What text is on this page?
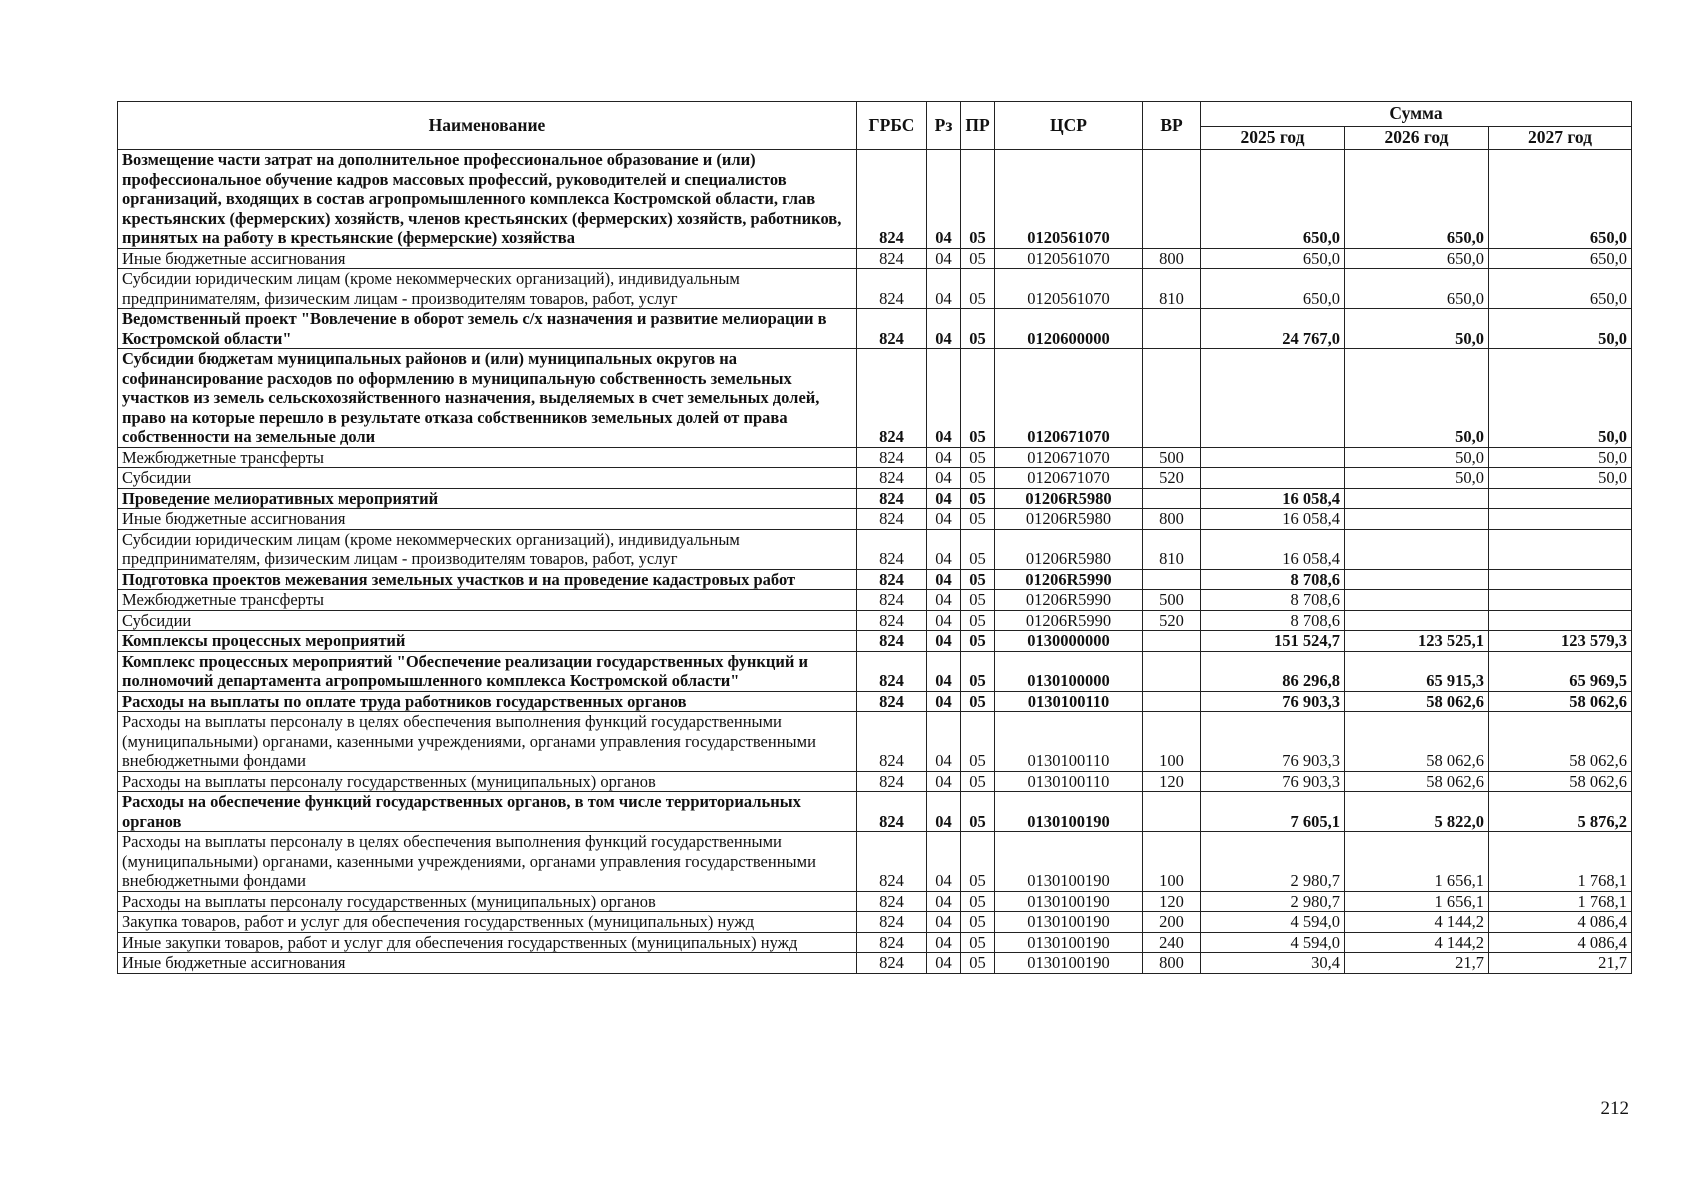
Наименование	ГРБС	Рз	ПР	ЦСР	ВР	Сумма		
						2025 год	2026 год	2027 год
Возмещение части затрат на дополнительное профессиональное образование и (или) профессиональное обучение кадров массовых профессий, руководителей и специалистов организаций, входящих в состав агропромышленного комплекса Костромской области, глав крестьянских (фермерских) хозяйств, членов крестьянских (фермерских) хозяйств, работников, принятых на работу в крестьянские (фермерские) хозяйства	824	04	05	0120561070		650,0	650,0	650,0
Иные бюджетные ассигнования	824	04	05	0120561070	800	650,0	650,0	650,0
Субсидии юридическим лицам (кроме некоммерческих организаций), индивидуальным предпринимателям, физическим лицам - производителям товаров, работ, услуг	824	04	05	0120561070	810	650,0	650,0	650,0
Ведомственный проект "Вовлечение в оборот земель с/х назначения и развитие мелиорации в Костромской области"	824	04	05	0120600000		24 767,0	50,0	50,0
Субсидии бюджетам муниципальных районов и (или) муниципальных округов на софинансирование расходов по оформлению в муниципальную собственность земельных участков из земель сельскохозяйственного назначения, выделяемых в счет земельных долей, право на которые перешло в результате отказа собственников земельных долей от права собственности на земельные доли	824	04	05	0120671070			50,0	50,0
Межбюджетные трансферты	824	04	05	0120671070	500		50,0	50,0
Субсидии	824	04	05	0120671070	520		50,0	50,0
Проведение мелиоративных мероприятий	824	04	05	01206R5980		16 058,4		
Иные бюджетные ассигнования	824	04	05	01206R5980	800	16 058,4		
Субсидии юридическим лицам (кроме некоммерческих организаций), индивидуальным предпринимателям, физическим лицам - производителям товаров, работ, услуг	824	04	05	01206R5980	810	16 058,4		
Подготовка проектов межевания земельных участков и на проведение кадастровых работ	824	04	05	01206R5990		8 708,6		
Межбюджетные трансферты	824	04	05	01206R5990	500	8 708,6		
Субсидии	824	04	05	01206R5990	520	8 708,6		
Комплексы процессных мероприятий	824	04	05	0130000000		151 524,7	123 525,1	123 579,3
Комплекс процессных мероприятий "Обеспечение реализации государственных функций и полномочий департамента агропромышленного комплекса Костромской области"	824	04	05	0130100000		86 296,8	65 915,3	65 969,5
Расходы на выплаты по оплате труда работников государственных органов	824	04	05	0130100110		76 903,3	58 062,6	58 062,6
Расходы на выплаты персоналу в целях обеспечения выполнения функций государственными (муниципальными) органами, казенными учреждениями, органами управления государственными внебюджетными фондами	824	04	05	0130100110	100	76 903,3	58 062,6	58 062,6
Расходы на выплаты персоналу государственных (муниципальных) органов	824	04	05	0130100110	120	76 903,3	58 062,6	58 062,6
Расходы на обеспечение функций государственных органов, в том числе территориальных органов	824	04	05	0130100190		7 605,1	5 822,0	5 876,2
Расходы на выплаты персоналу в целях обеспечения выполнения функций государственными (муниципальными) органами, казенными учреждениями, органами управления государственными внебюджетными фондами	824	04	05	0130100190	100	2 980,7	1 656,1	1 768,1
Расходы на выплаты персоналу государственных (муниципальных) органов	824	04	05	0130100190	120	2 980,7	1 656,1	1 768,1
Закупка товаров, работ и услуг для обеспечения государственных (муниципальных) нужд	824	04	05	0130100190	200	4 594,0	4 144,2	4 086,4
Иные закупки товаров, работ и услуг для обеспечения государственных (муниципальных) нужд	824	04	05	0130100190	240	4 594,0	4 144,2	4 086,4
Иные бюджетные ассигнования	824	04	05	0130100190	800	30,4	21,7	21,7
212
